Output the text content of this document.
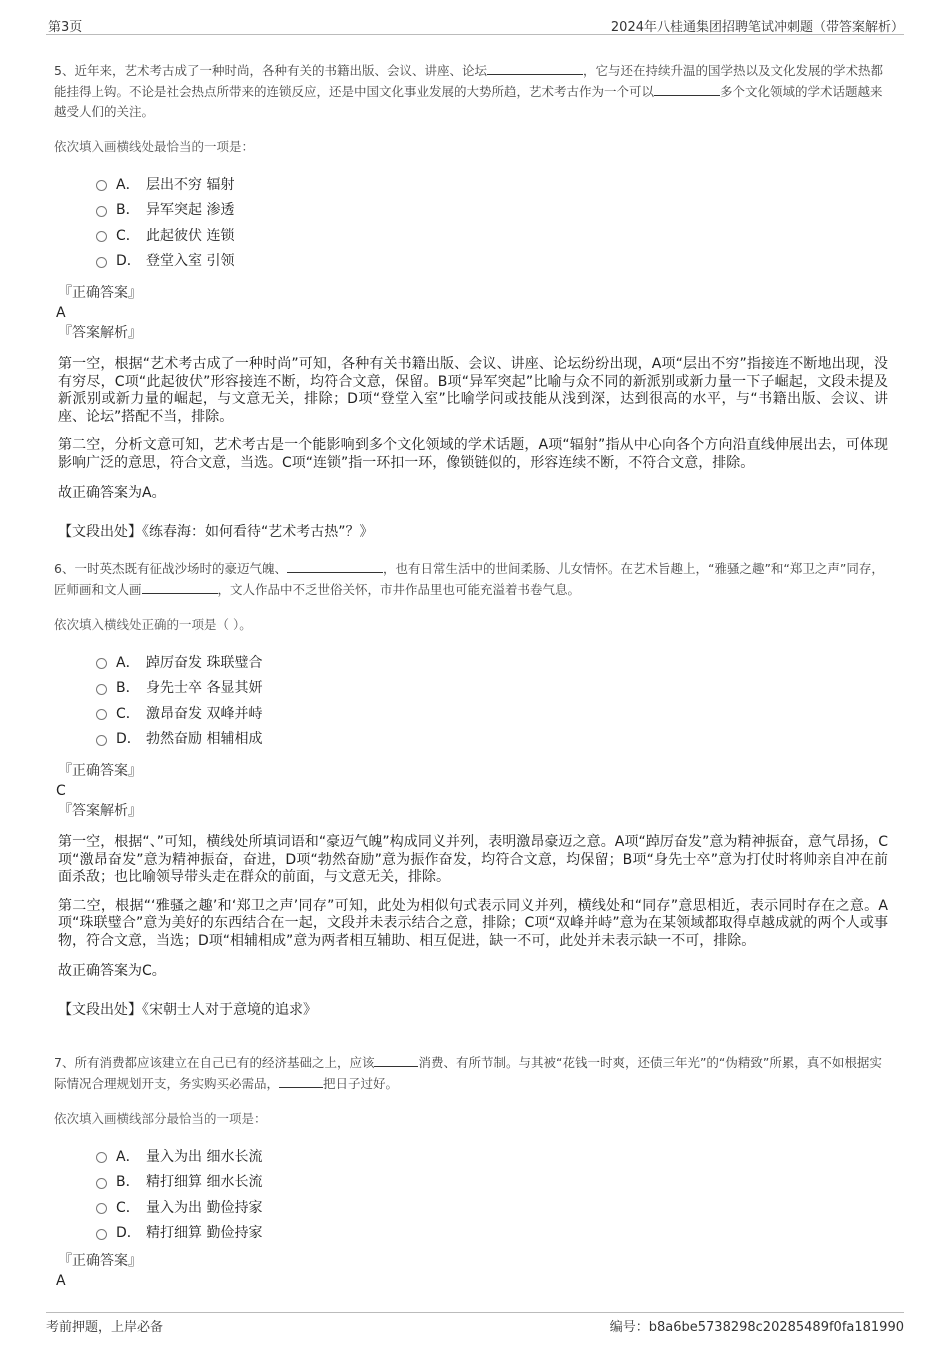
第3页	2024年八桂通集团招聘笔试冲刺题（带答案解析）

5、近年来，艺术考古成了一种时尚，各种有关的书籍出版、会议、讲座、论坛	，它与还在持续升温的国学热以及文化发展的学术热都能挂得上钩。不论是社会热点所带来的连锁反应，还是中国文化事业发展的大势所趋，艺术考古作为一个可以	多个文化领域的学术话题越来越受人们的关注。

依次填入画横线处最恰当的一项是：

A． 层出不穷 辐射
B． 异军突起 渗透
C． 此起彼伏 连锁
D． 登堂入室 引领

『正确答案』

A

『答案解析』

第一空，根据“艺术考古成了一种时尚”可知，各种有关书籍出版、会议、讲座、论坛纷纷出现，A项“层出不穷”指接连不断地出现，没有穷尽，C项“此起彼伏”形容接连不断，均符合文意，保留。B项“异军突起”比喻与众不同的新派别或新力量一下子崛起，文段未提及新派别或新力量的崛起，与文意无关，排除；D项“登堂入室”比喻学问或技能从浅到深，达到很高的水平，与“书籍出版、会议、讲座、论坛”搭配不当，排除。

第二空，分析文意可知，艺术考古是一个能影响到多个文化领域的学术话题，A项“辐射”指从中心向各个方向沿直线伸展出去，可体现影响广泛的意思，符合文意，当选。C项“连锁”指一环扣一环，像锁链似的，形容连续不断，不符合文意，排除。

故正确答案为A。

【文段出处】《练春海：如何看待“艺术考古热”？》

6、一时英杰既有征战沙场时的豪迈气魄、	，也有日常生活中的世间柔肠、儿女情怀。在艺术旨趣上，“雅骚之趣”和“郑卫之声”同存，匠师画和文人画	，文人作品中不乏世俗关怀，市井作品里也可能充溢着书卷气息。

依次填入横线处正确的一项是（ ）。

A． 踔厉奋发 珠联璧合
B． 身先士卒 各显其妍
C． 激昂奋发 双峰并峙
D． 勃然奋励 相辅相成

『正确答案』

C

『答案解析』

第一空，根据“、”可知，横线处所填词语和“豪迈气魄”构成同义并列，表明激昂豪迈之意。A项“踔厉奋发”意为精神振奋，意气昂扬，C项“激昂奋发”意为精神振奋，奋进，D项“勃然奋励”意为振作奋发，均符合文意，均保留；B项“身先士卒”意为打仗时将帅亲自冲在前面杀敌；也比喻领导带头走在群众的前面，与文意无关，排除。

第二空，根据“‘雅骚之趣’和‘郑卫之声’同存”可知，此处为相似句式表示同义并列，横线处和“同存”意思相近，表示同时存在之意。A项“珠联璧合”意为美好的东西结合在一起，文段并未表示结合之意，排除；C项“双峰并峙”意为在某领域都取得卓越成就的两个人或事物，符合文意，当选；D项“相辅相成”意为两者相互辅助、相互促进，缺一不可，此处并未表示缺一不可，排除。

故正确答案为C。

【文段出处】《宋朝士人对于意境的追求》

7、所有消费都应该建立在自己已有的经济基础之上，应该	消费、有所节制。与其被“花钱一时爽，还债三年光”的“伪精致”所累，真不如根据实际情况合理规划开支，务实购买必需品，	把日子过好。

依次填入画横线部分最恰当的一项是：

A． 量入为出 细水长流
B． 精打细算 细水长流
C． 量入为出 勤俭持家
D． 精打细算 勤俭持家

『正确答案』

A

考前押题，上岸必备	编号：b8a6be5738298c20285489f0fa181990
